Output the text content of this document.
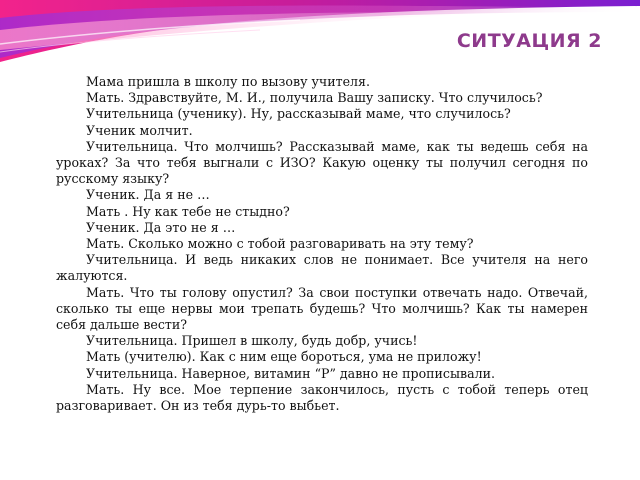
СИТУАЦИЯ 2

Мама пришла в школу по вызову учителя.

Мать. Здравствуйте, М. И., получила Вашу записку. Что случилось?

Учительница (ученику). Ну, рассказывай маме, что случилось?

Ученик молчит.

Учительница. Что молчишь? Рассказывай маме, как ты ведешь себя на уроках? За что тебя выгнали с ИЗО? Какую оценку ты получил сегодня по русскому языку?

Ученик. Да я не …

Мать . Ну как тебе не стыдно?

Ученик. Да это не я …

Мать. Сколько можно с тобой разговаривать на эту тему?

Учительница. И ведь никаких слов не понимает. Все учителя на него жалуются.

Мать. Что ты голову опустил? За свои поступки отвечать надо. Отвечай, сколько ты еще нервы мои трепать будешь? Что молчишь? Как ты намерен себя дальше вести?

Учительница. Пришел в школу, будь добр, учись!

Мать (учителю). Как с ним еще бороться, ума не приложу!

Учительница. Наверное, витамин “Р” давно не прописывали.

Мать. Ну все. Мое терпение закончилось, пусть с тобой теперь отец разговаривает. Он из тебя дурь-то выбьет.
